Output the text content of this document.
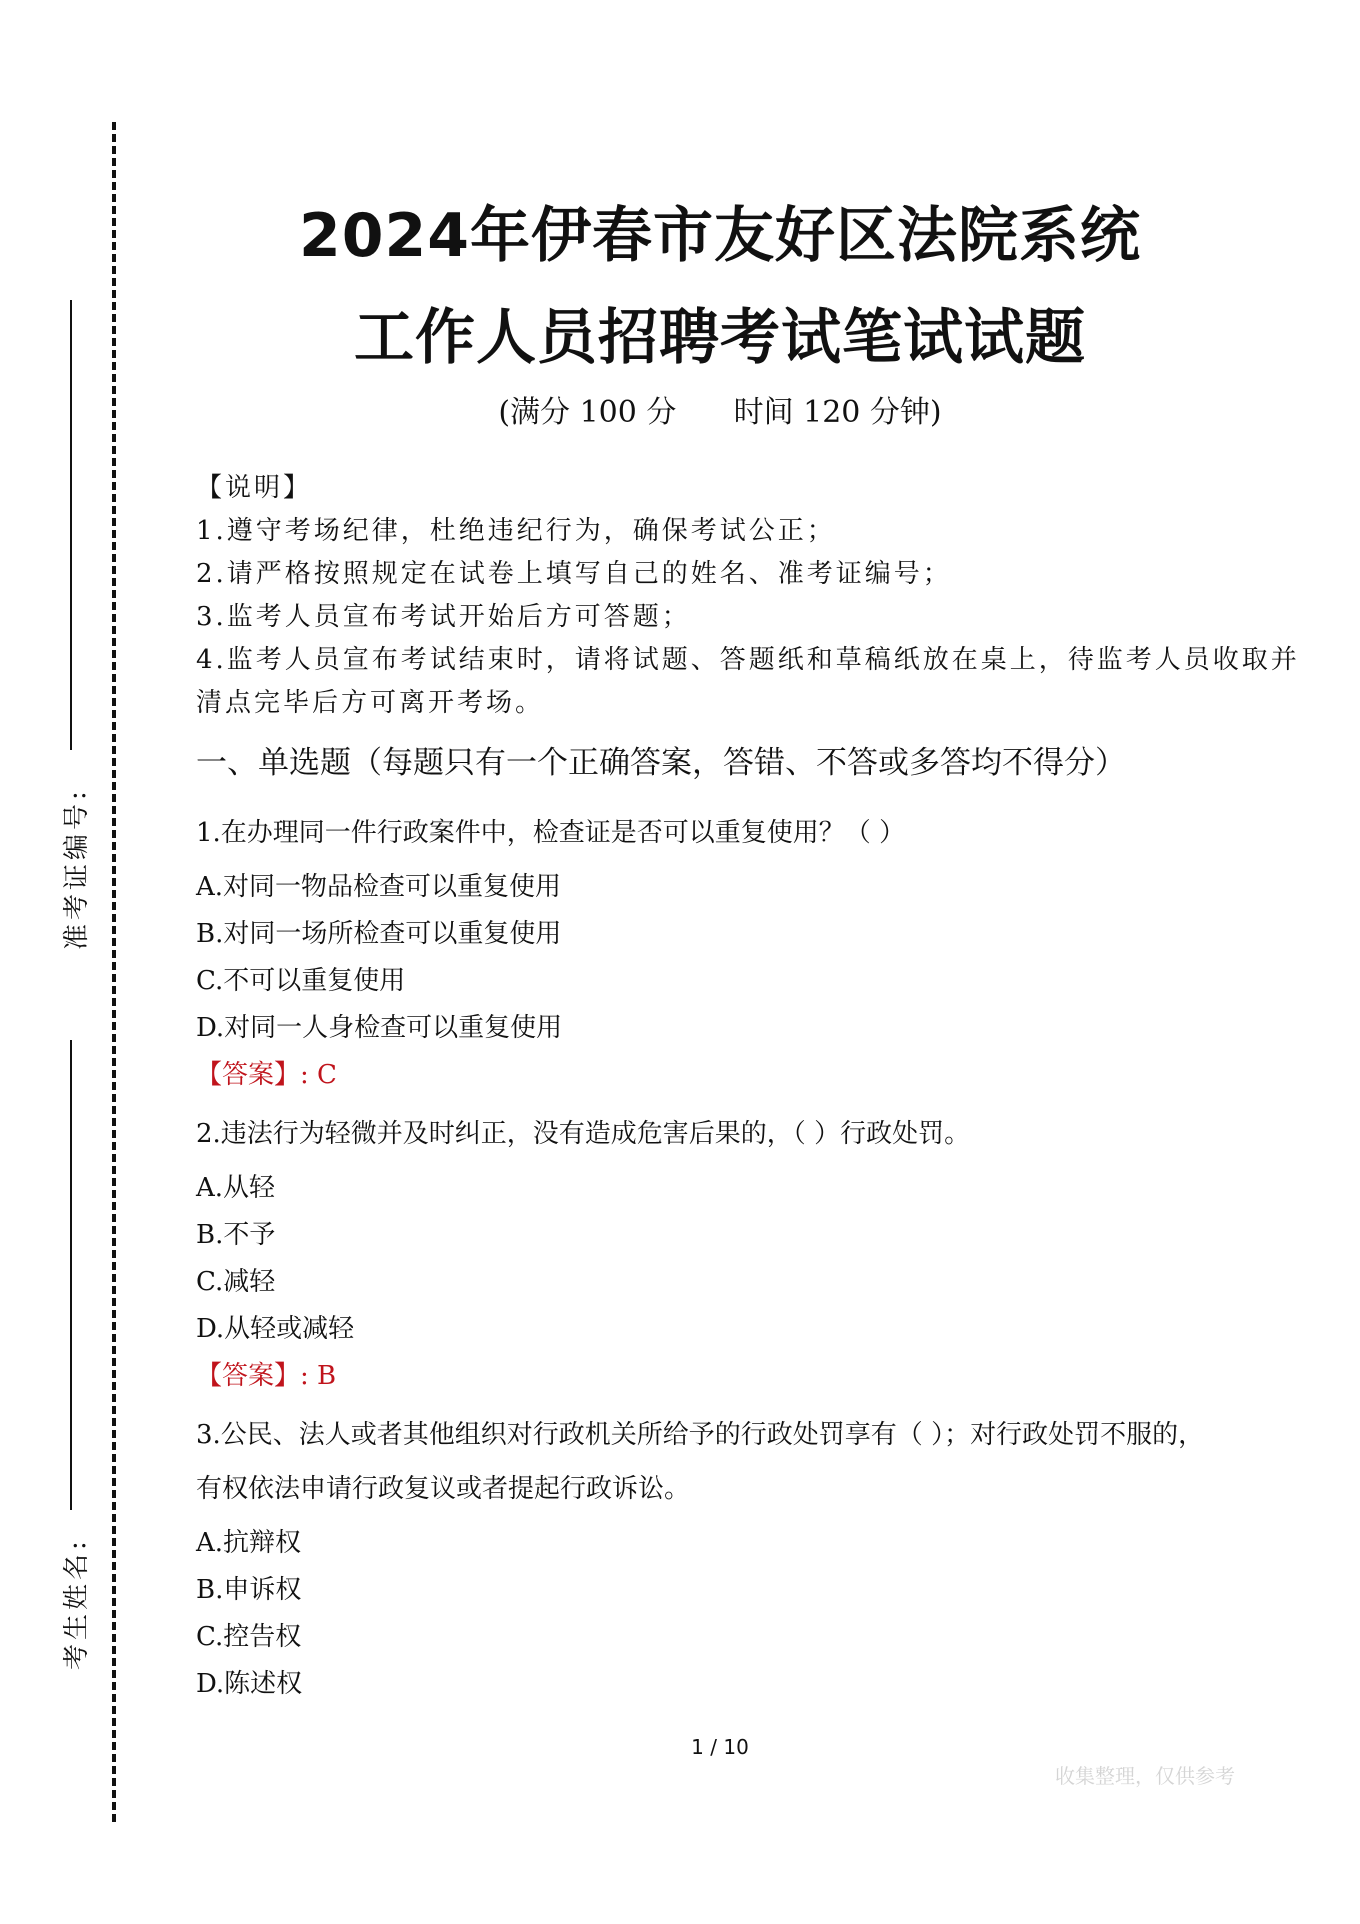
准考证编号:
考生姓名:
2024年伊春市友好区法院系统
工作人员招聘考试笔试试题
(满分 100 分      时间 120 分钟)
【说明】
1.遵守考场纪律，杜绝违纪行为，确保考试公正；
2.请严格按照规定在试卷上填写自己的姓名、准考证编号；
3.监考人员宣布考试开始后方可答题；
4.监考人员宣布考试结束时，请将试题、答题纸和草稿纸放在桌上，待监考人员收取并
清点完毕后方可离开考场。
一、单选题（每题只有一个正确答案，答错、不答或多答均不得分）
1.在办理同一件行政案件中，检查证是否可以重复使用？（ ）
A.对同一物品检查可以重复使用
B.对同一场所检查可以重复使用
C.不可以重复使用
D.对同一人身检查可以重复使用
【答案】: C
2.违法行为轻微并及时纠正，没有造成危害后果的，（ ）行政处罚。
A.从轻
B.不予
C.减轻
D.从轻或减轻
【答案】: B
3.公民、法人或者其他组织对行政机关所给予的行政处罚享有（ ）；对行政处罚不服的，
有权依法申请行政复议或者提起行政诉讼。
A.抗辩权
B.申诉权
C.控告权
D.陈述权
1 / 10
收集整理，仅供参考
